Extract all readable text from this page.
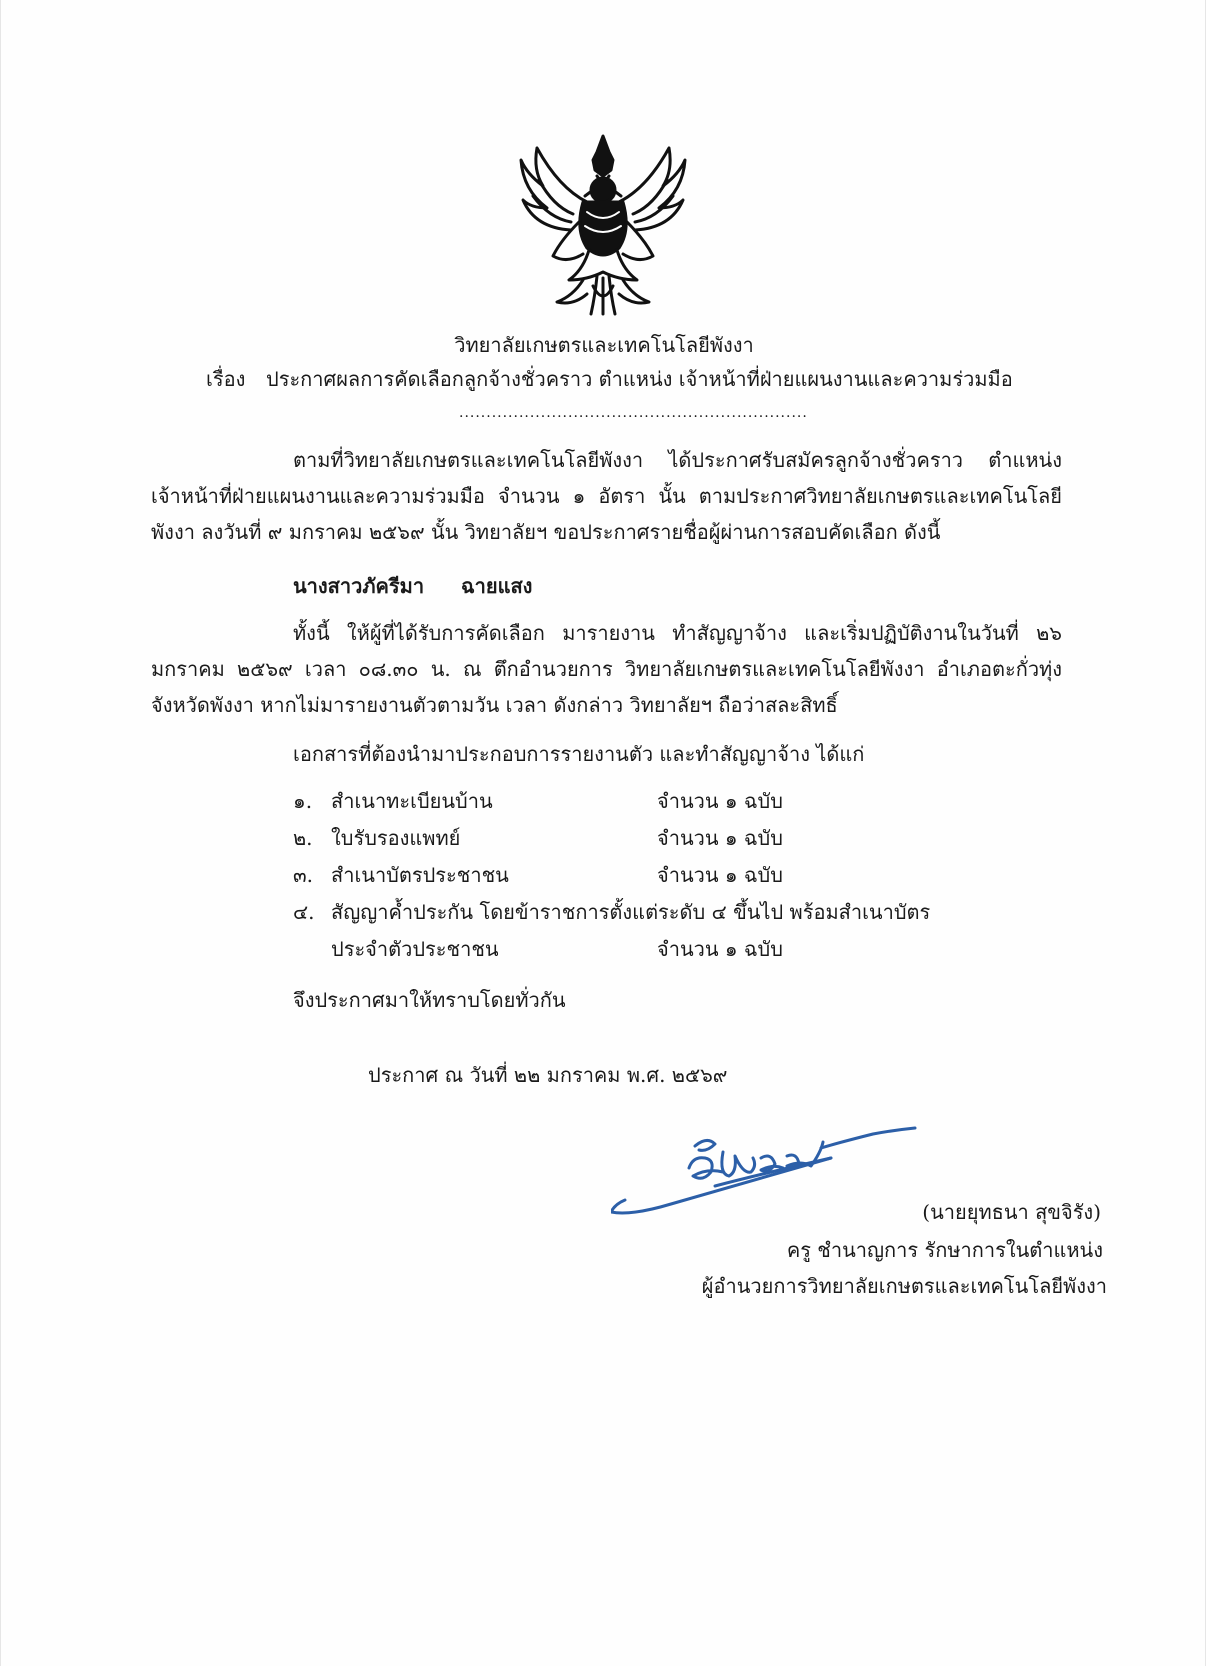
วิทยาลัยเกษตรและเทคโนโลยีพังงา
เรื่อง ประกาศผลการคัดเลือกลูกจ้างชั่วคราว ตำแหน่ง เจ้าหน้าที่ฝ่ายแผนงานและความร่วมมือ
................................................................
ตามที่วิทยาลัยเกษตรและเทคโนโลยีพังงา ได้ประกาศรับสมัครลูกจ้างชั่วคราว ตำแหน่ง
เจ้าหน้าที่ฝ่ายแผนงานและความร่วมมือ จำนวน ๑ อัตรา นั้น ตามประกาศวิทยาลัยเกษตรและเทคโนโลยี
พังงา ลงวันที่ ๙ มกราคม ๒๕๖๙ นั้น วิทยาลัยฯ ขอประกาศรายชื่อผู้ผ่านการสอบคัดเลือก ดังนี้
นางสาวภัครีมา ฉายแสง
ทั้งนี้ ให้ผู้ที่ได้รับการคัดเลือก มารายงาน ทำสัญญาจ้าง และเริ่มปฏิบัติงานในวันที่ ๒๖
มกราคม ๒๕๖๙ เวลา ๐๘.๓๐ น. ณ ตึกอำนวยการ วิทยาลัยเกษตรและเทคโนโลยีพังงา อำเภอตะกั่วทุ่ง
จังหวัดพังงา หากไม่มารายงานตัวตามวัน เวลา ดังกล่าว วิทยาลัยฯ ถือว่าสละสิทธิ์
เอกสารที่ต้องนำมาประกอบการรายงานตัว และทำสัญญาจ้าง ได้แก่
๑. สำเนาทะเบียนบ้าน	จำนวน ๑ ฉบับ
๒. ใบรับรองแพทย์	จำนวน ๑ ฉบับ
๓. สำเนาบัตรประชาชน	จำนวน ๑ ฉบับ
๔. สัญญาค้ำประกัน โดยข้าราชการตั้งแต่ระดับ ๔ ขึ้นไป พร้อมสำเนาบัตร
ประจำตัวประชาชน	จำนวน ๑ ฉบับ
จึงประกาศมาให้ทราบโดยทั่วกัน
ประกาศ ณ วันที่ ๒๒ มกราคม พ.ศ. ๒๕๖๙
(นายยุทธนา สุขจิรัง)
ครู ชำนาญการ รักษาการในตำแหน่ง
ผู้อำนวยการวิทยาลัยเกษตรและเทคโนโลยีพังงา
